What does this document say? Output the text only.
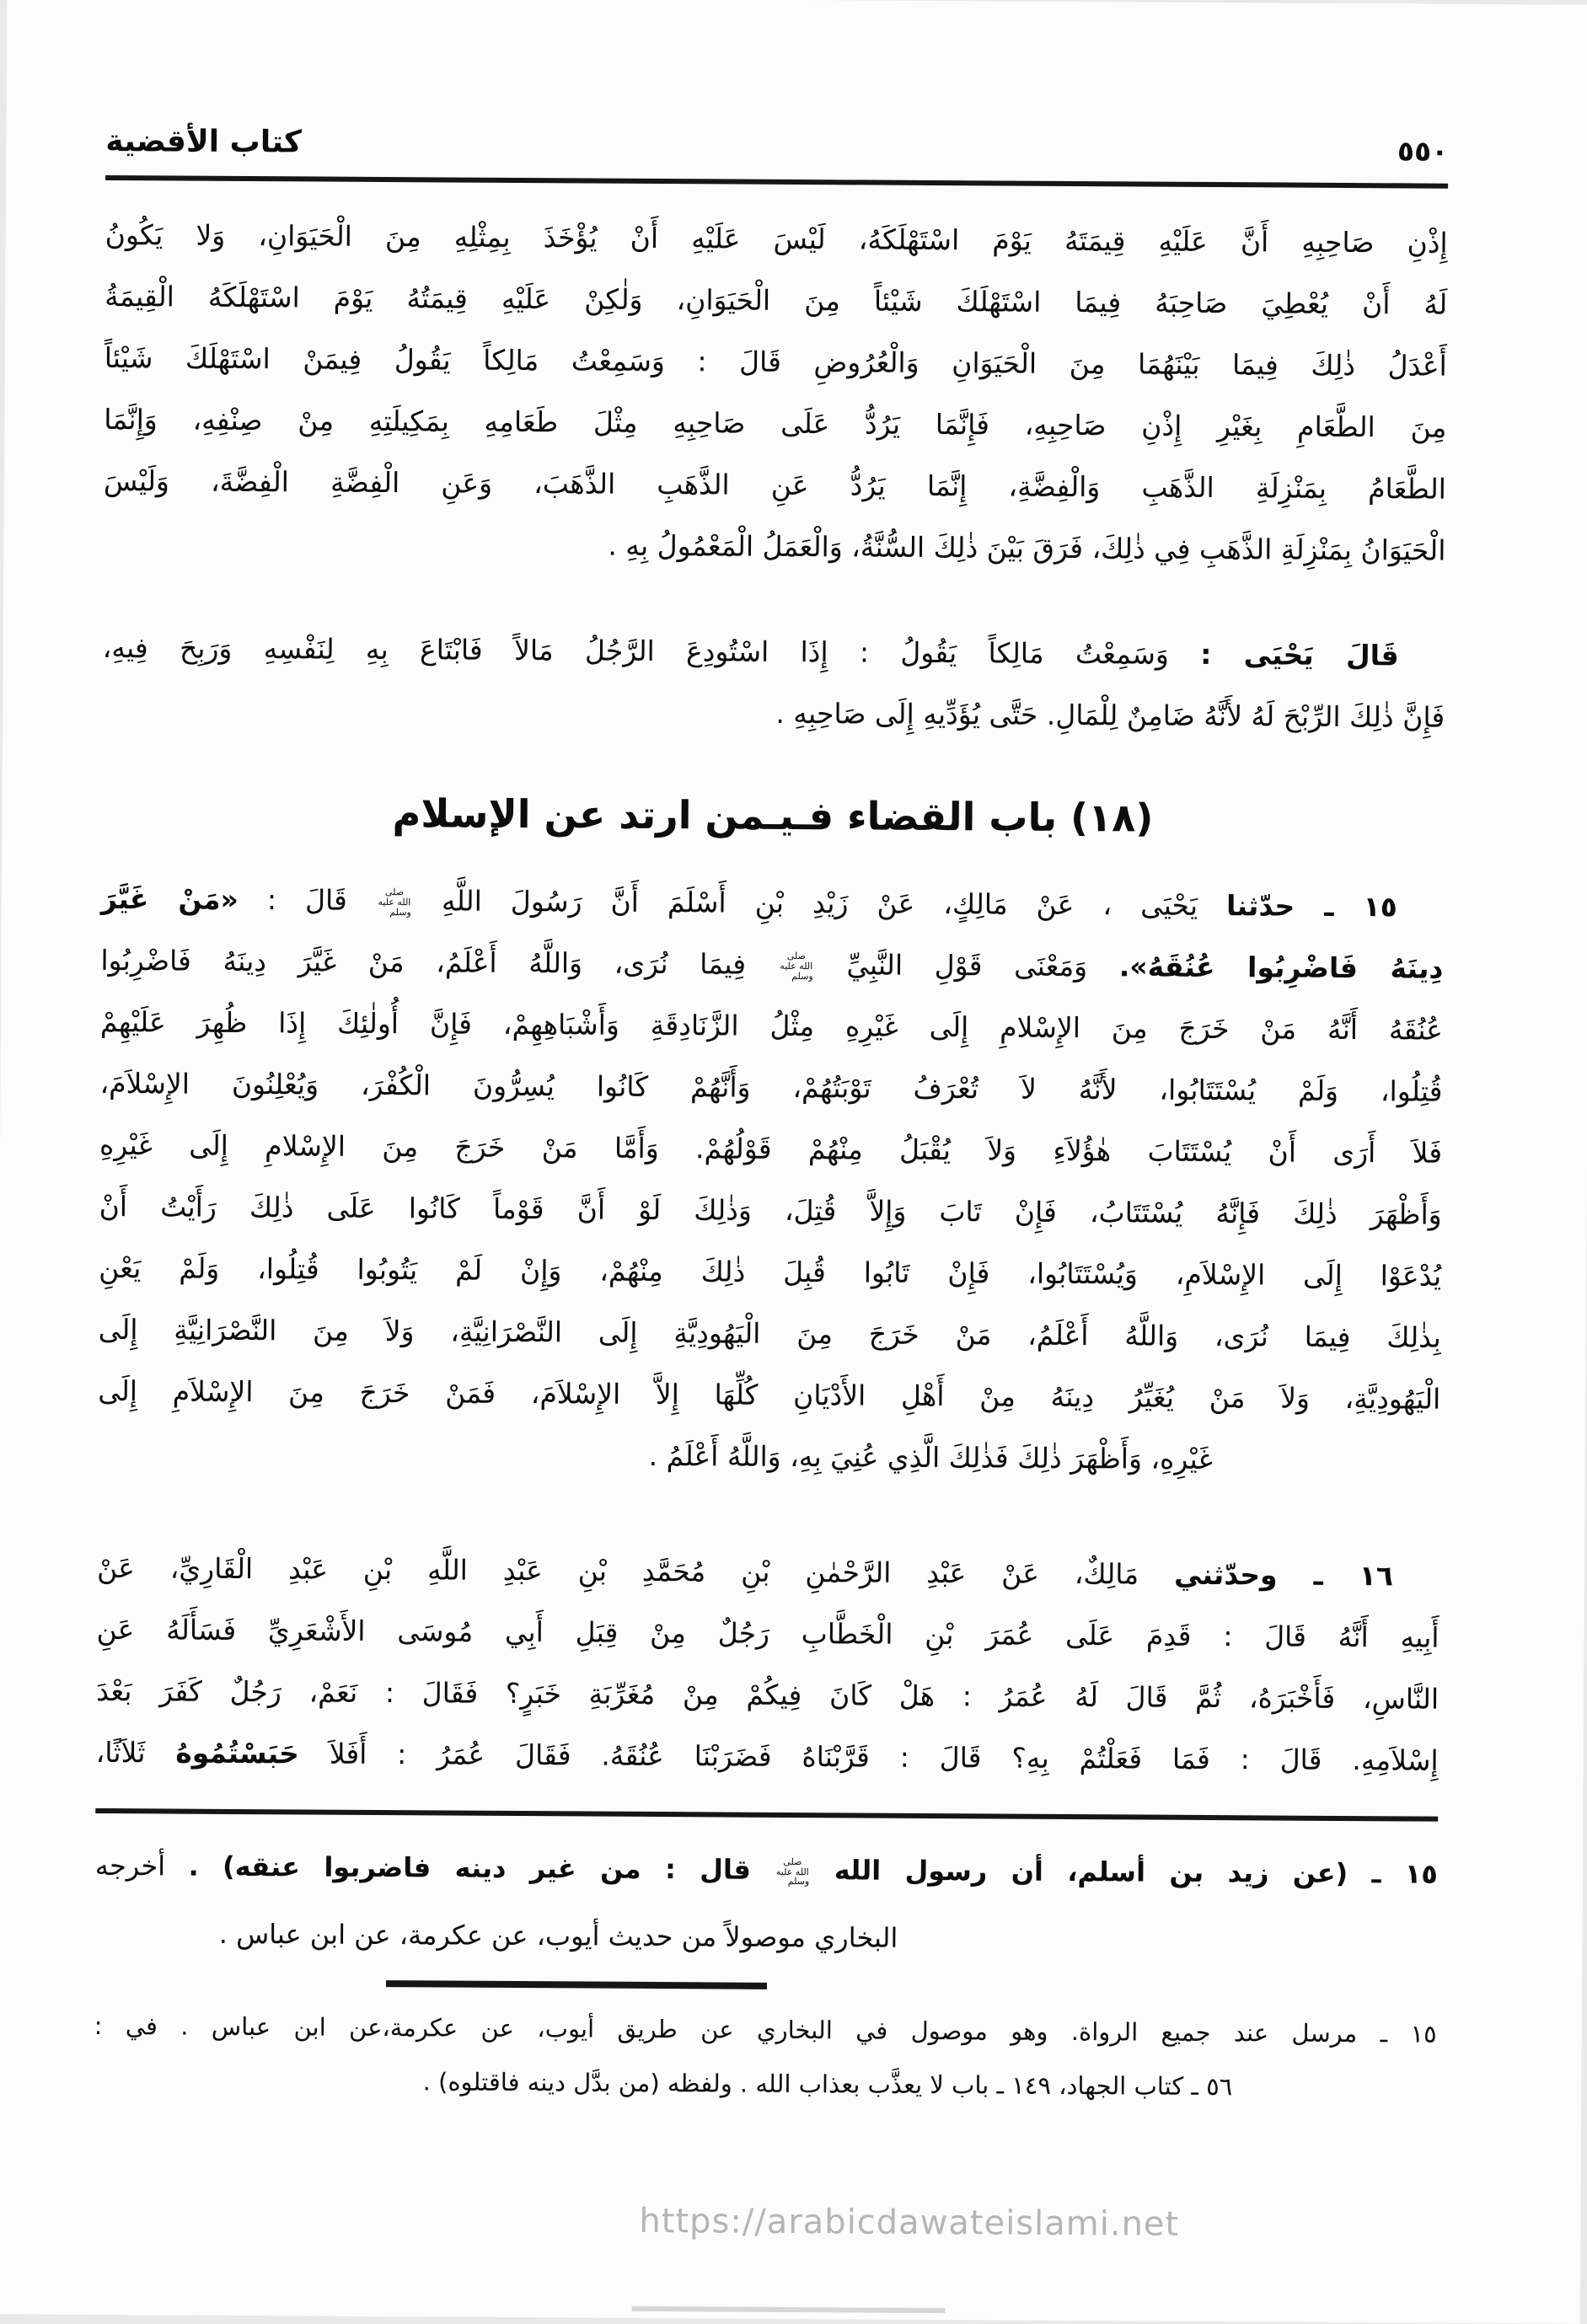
٥٥٠
كتاب الأقضية
إِذْنِ صَاحِبِهِ أَنَّ عَلَيْهِ قِيمَتَهُ يَوْمَ اسْتَهْلَكَهُ، لَيْسَ عَلَيْهِ أَنْ يُؤْخَذَ بِمِثْلِهِ مِنَ الْحَيَوَانِ، وَلا يَكُونُ
لَهُ أَنْ يُعْطِيَ صَاحِبَهُ فِيمَا اسْتَهْلَكَ شَيْئاً مِنَ الْحَيَوَانِ، وَلٰكِنْ عَلَيْهِ قِيمَتُهُ يَوْمَ اسْتَهْلَكَهُ الْقِيمَةُ
أَعْدَلُ ذٰلِكَ فِيمَا بَيْنَهُمَا مِنَ الْحَيَوَانِ وَالْعُرُوضِ قَالَ : وَسَمِعْتُ مَالِكاً يَقُولُ فِيمَنْ اسْتَهْلَكَ شَيْئاً
مِنَ الطَّعَامِ بِغَيْرِ إِذْنِ صَاحِبِهِ، فَإِنَّمَا يَرُدُّ عَلَى صَاحِبِهِ مِثْلَ طَعَامِهِ بِمَكِيلَتِهِ مِنْ صِنْفِهِ، وَإِنَّمَا
الطَّعَامُ بِمَنْزِلَةِ الذَّهَبِ وَالْفِضَّةِ، إِنَّمَا يَرُدُّ عَنِ الذَّهَبِ الذَّهَبَ، وَعَنِ الْفِضَّةِ الْفِضَّةَ، وَلَيْسَ
الْحَيَوَانُ بِمَنْزِلَةِ الذَّهَبِ فِي ذٰلِكَ، فَرَقَ بَيْنَ ذٰلِكَ السُّنَّةُ، وَالْعَمَلُ الْمَعْمُولُ بِهِ .
قَالَ يَحْيَى : وَسَمِعْتُ مَالِكاً يَقُولُ : إِذَا اسْتُودِعَ الرَّجُلُ مَالاً فَابْتَاعَ بِهِ لِنَفْسِهِ وَرَبِحَ فِيهِ،
فَإِنَّ ذٰلِكَ الرِّبْحَ لَهُ لأَنَّهُ ضَامِنٌ لِلْمَالِ. حَتَّى يُؤَدِّيهِ إِلَى صَاحِبِهِ .
(١٨) باب القضاء فـيـمن ارتد عن الإسلام
١٥ ـ حدّثنا يَحْيَى ، عَنْ مَالِكٍ، عَنْ زَيْدِ بْنِ أَسْلَمَ أَنَّ رَسُولَ اللَّهِ صلى الله عليه وسلم قَالَ : «مَنْ غَيَّرَ
دِينَهُ فَاضْرِبُوا عُنُقَهُ». وَمَعْنَى قَوْلِ النَّبِيِّ صلى الله عليه وسلم فِيمَا نُرَى، وَاللَّهُ أَعْلَمُ، مَنْ غَيَّرَ دِينَهُ فَاضْرِبُوا
عُنُقَهُ أَنَّهُ مَنْ خَرَجَ مِنَ الإِسْلامِ إِلَى غَيْرِهِ مِثْلُ الزَّنَادِقَةِ وَأَشْبَاهِهِمْ، فَإِنَّ أُولٰئِكَ إِذَا ظُهِرَ عَلَيْهِمْ
قُتِلُوا، وَلَمْ يُسْتَتَابُوا، لأَنَّهُ لاَ تُعْرَفُ تَوْبَتُهُمْ، وَأَنَّهُمْ كَانُوا يُسِرُّونَ الْكُفْرَ، وَيُعْلِنُونَ الإِسْلاَمَ،
فَلاَ أَرَى أَنْ يُسْتَتَابَ هٰؤُلاَءِ وَلاَ يُقْبَلُ مِنْهُمْ قَوْلُهُمْ. وَأَمَّا مَنْ خَرَجَ مِنَ الإِسْلامِ إِلَى غَيْرِهِ
وَأَظْهَرَ ذٰلِكَ فَإِنَّهُ يُسْتَتَابُ، فَإِنْ تَابَ وَإِلاَّ قُتِلَ، وَذٰلِكَ لَوْ أَنَّ قَوْماً كَانُوا عَلَى ذٰلِكَ رَأَيْتُ أَنْ
يُدْعَوْا إِلَى الإِسْلاَمِ، وَيُسْتَتَابُوا، فَإِنْ تَابُوا قُبِلَ ذٰلِكَ مِنْهُمْ، وَإِنْ لَمْ يَتُوبُوا قُتِلُوا، وَلَمْ يَعْنِ
بِذٰلِكَ فِيمَا نُرَى، وَاللَّهُ أَعْلَمُ، مَنْ خَرَجَ مِنَ الْيَهُودِيَّةِ إِلَى النَّصْرَانِيَّةِ، وَلاَ مِنَ النَّصْرَانِيَّةِ إِلَى
الْيَهُودِيَّةِ، وَلاَ مَنْ يُغَيِّرُ دِينَهُ مِنْ أَهْلِ الأَدْيَانِ كُلِّهَا إِلاَّ الإِسْلاَمَ، فَمَنْ خَرَجَ مِنَ الإِسْلاَمِ إِلَى
غَيْرِهِ، وَأَظْهَرَ ذٰلِكَ فَذٰلِكَ الَّذِي عُنِيَ بِهِ، وَاللَّهُ أَعْلَمُ .
١٦ ـ وحدّثني مَالِكٌ، عَنْ عَبْدِ الرَّحْمٰنِ بْنِ مُحَمَّدِ بْنِ عَبْدِ اللَّهِ بْنِ عَبْدِ الْقَارِيِّ، عَنْ
أَبِيهِ أَنَّهُ قَالَ : قَدِمَ عَلَى عُمَرَ بْنِ الْخَطَّابِ رَجُلٌ مِنْ قِبَلِ أَبِي مُوسَى الأَشْعَرِيِّ فَسَأَلَهُ عَنِ
النَّاسِ، فَأَخْبَرَهُ، ثُمَّ قَالَ لَهُ عُمَرُ : هَلْ كَانَ فِيكُمْ مِنْ مُغَرِّبَةِ خَبَرٍ؟ فَقَالَ : نَعَمْ، رَجُلٌ كَفَرَ بَعْدَ
إِسْلاَمِهِ. قَالَ : فَمَا فَعَلْتُمْ بِهِ؟ قَالَ : قَرَّبْنَاهُ فَضَرَبْنَا عُنُقَهُ. فَقَالَ عُمَرُ : أَفَلاَ حَبَسْتُمُوهُ ثَلاَثًا،
١٥ ـ (عن زيد بن أسلم، أن رسول الله صلى الله عليه وسلم قال : من غير دينه فاضربوا عنقه) . أخرجه
البخاري موصولاً من حديث أيوب، عن عكرمة، عن ابن عباس .
١٥ ـ مرسل عند جميع الرواة. وهو موصول في البخاري عن طريق أيوب، عن عكرمة،عن ابن عباس . في :
٥٦ ـ كتاب الجهاد، ١٤٩ ـ باب لا يعذَّب بعذاب الله . ولفظه (من بدَّل دينه فاقتلوه) .
https://arabicdawateislami.net
